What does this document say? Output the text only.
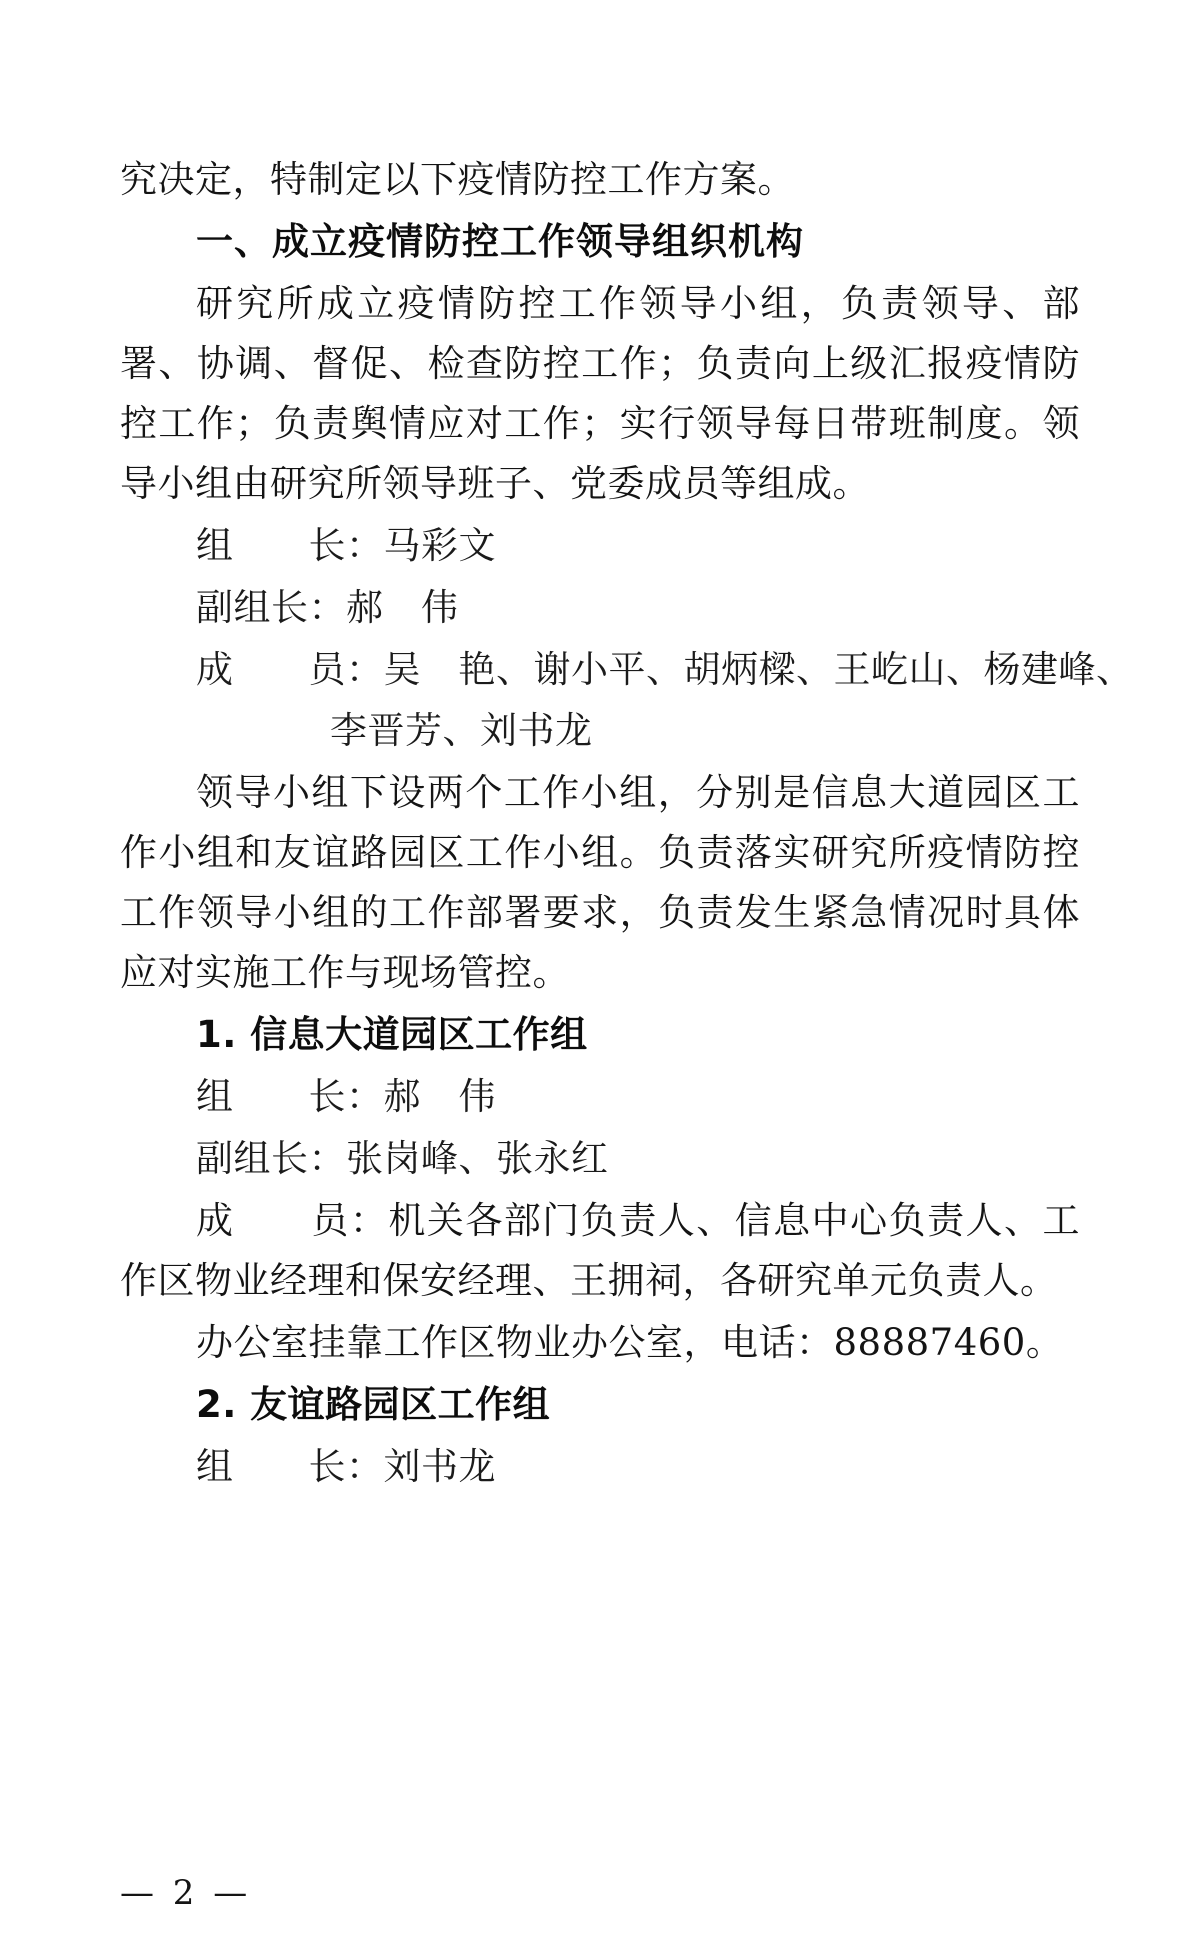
究决定，特制定以下疫情防控工作方案。

一、成立疫情防控工作领导组织机构

研究所成立疫情防控工作领导小组，负责领导、部署、协调、督促、检查防控工作；负责向上级汇报疫情防控工作；负责舆情应对工作；实行领导每日带班制度。领导小组由研究所领导班子、党委成员等组成。

组　　长：马彩文

副组长：郝　伟

成　　员：吴　艳、谢小平、胡炳樑、王屹山、杨建峰、

李晋芳、刘书龙

领导小组下设两个工作小组，分别是信息大道园区工作小组和友谊路园区工作小组。负责落实研究所疫情防控工作领导小组的工作部署要求，负责发生紧急情况时具体应对实施工作与现场管控。

1. 信息大道园区工作组

组　　长：郝　伟

副组长：张岗峰、张永红

成　　员：机关各部门负责人、信息中心负责人、工作区物业经理和保安经理、王拥祠，各研究单元负责人。

办公室挂靠工作区物业办公室，电话：88887460。

2. 友谊路园区工作组

组　　长：刘书龙

— 2 —
